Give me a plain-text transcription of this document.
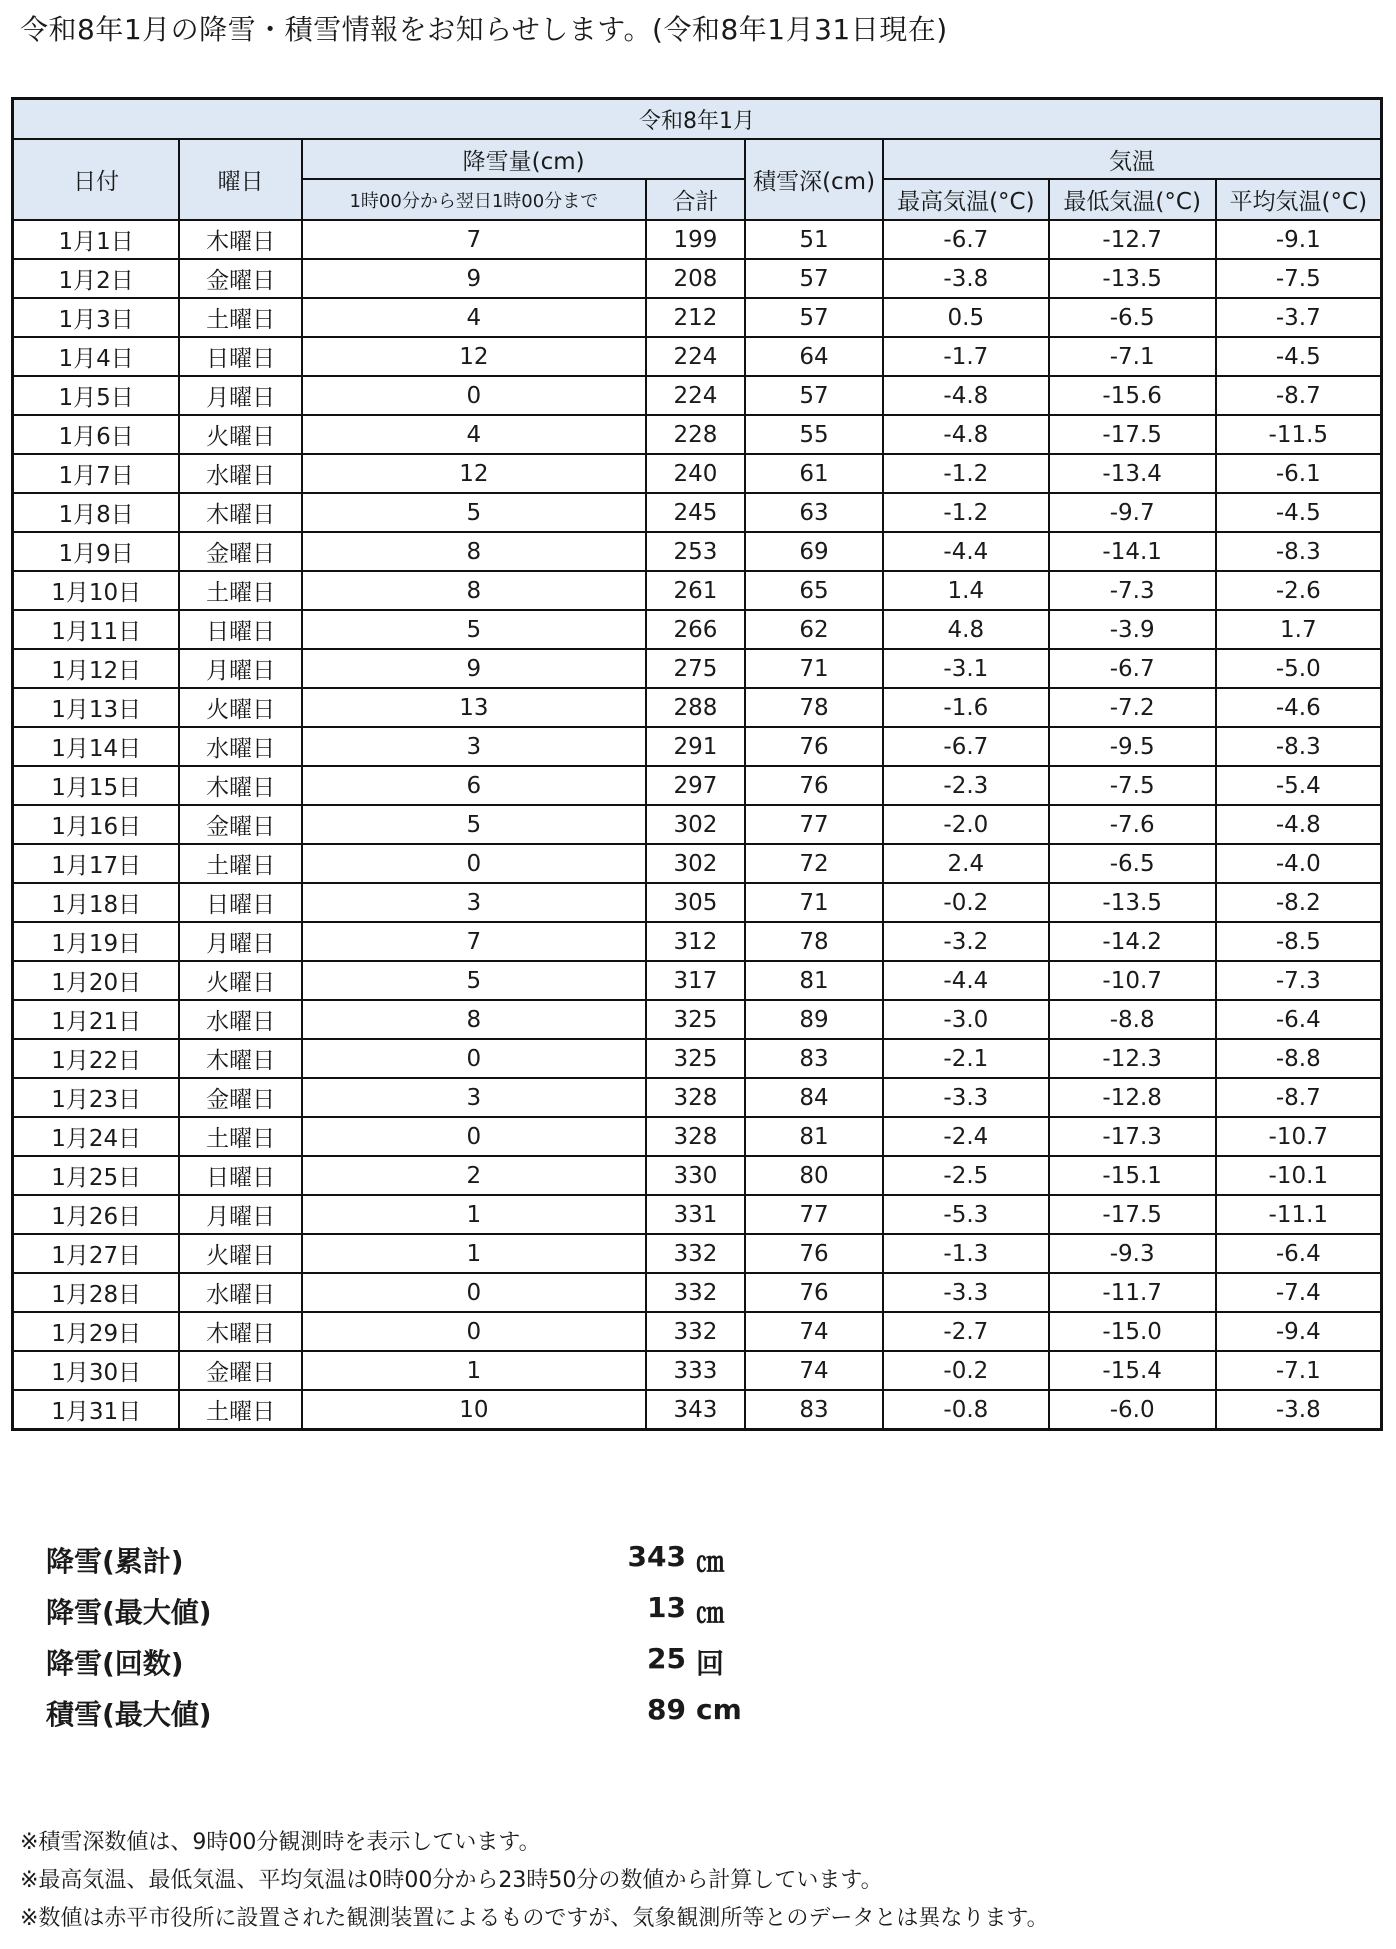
令和8年1月の降雪・積雪情報をお知らせします。(令和8年1月31日現在)
令和8年1月							
日付	曜日	降雪量(cm)		積雪深(cm)	気温		
		1時00分から翌日1時00分まで	合計		最高気温(°C)	最低気温(°C)	平均気温(°C)
1月1日	木曜日	7	199	51	-6.7	-12.7	-9.1
1月2日	金曜日	9	208	57	-3.8	-13.5	-7.5
1月3日	土曜日	4	212	57	0.5	-6.5	-3.7
1月4日	日曜日	12	224	64	-1.7	-7.1	-4.5
1月5日	月曜日	0	224	57	-4.8	-15.6	-8.7
1月6日	火曜日	4	228	55	-4.8	-17.5	-11.5
1月7日	水曜日	12	240	61	-1.2	-13.4	-6.1
1月8日	木曜日	5	245	63	-1.2	-9.7	-4.5
1月9日	金曜日	8	253	69	-4.4	-14.1	-8.3
1月10日	土曜日	8	261	65	1.4	-7.3	-2.6
1月11日	日曜日	5	266	62	4.8	-3.9	1.7
1月12日	月曜日	9	275	71	-3.1	-6.7	-5.0
1月13日	火曜日	13	288	78	-1.6	-7.2	-4.6
1月14日	水曜日	3	291	76	-6.7	-9.5	-8.3
1月15日	木曜日	6	297	76	-2.3	-7.5	-5.4
1月16日	金曜日	5	302	77	-2.0	-7.6	-4.8
1月17日	土曜日	0	302	72	2.4	-6.5	-4.0
1月18日	日曜日	3	305	71	-0.2	-13.5	-8.2
1月19日	月曜日	7	312	78	-3.2	-14.2	-8.5
1月20日	火曜日	5	317	81	-4.4	-10.7	-7.3
1月21日	水曜日	8	325	89	-3.0	-8.8	-6.4
1月22日	木曜日	0	325	83	-2.1	-12.3	-8.8
1月23日	金曜日	3	328	84	-3.3	-12.8	-8.7
1月24日	土曜日	0	328	81	-2.4	-17.3	-10.7
1月25日	日曜日	2	330	80	-2.5	-15.1	-10.1
1月26日	月曜日	1	331	77	-5.3	-17.5	-11.1
1月27日	火曜日	1	332	76	-1.3	-9.3	-6.4
1月28日	水曜日	0	332	76	-3.3	-11.7	-7.4
1月29日	木曜日	0	332	74	-2.7	-15.0	-9.4
1月30日	金曜日	1	333	74	-0.2	-15.4	-7.1
1月31日	土曜日	10	343	83	-0.8	-6.0	-3.8
降雪(累計)	343 ㎝
降雪(最大値)	13 ㎝
降雪(回数)	25 回
積雪(最大値)	89 cm
※積雪深数値は、9時00分観測時を表示しています。
※最高気温、最低気温、平均気温は0時00分から23時50分の数値から計算しています。
※数値は赤平市役所に設置された観測装置によるものですが、気象観測所等とのデータとは異なります。
